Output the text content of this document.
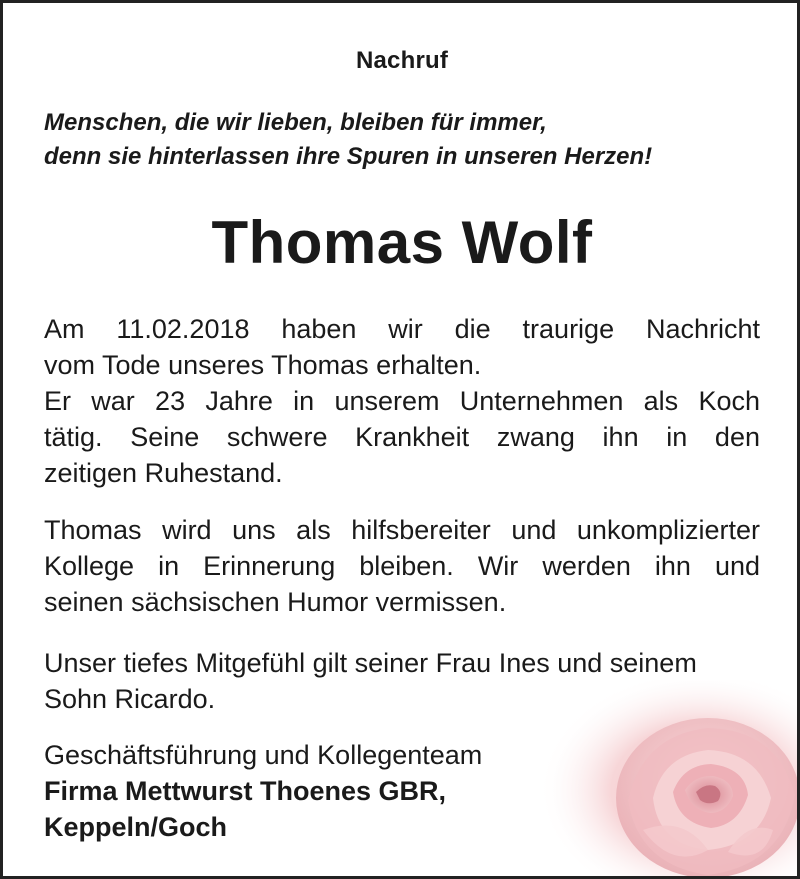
Nachruf
Menschen, die wir lieben, bleiben für immer,
denn sie hinterlassen ihre Spuren in unseren Herzen!
Thomas Wolf
Am 11.02.2018 haben wir die traurige Nachricht
vom Tode unseres Thomas erhalten.
Er war 23 Jahre in unserem Unternehmen als Koch
tätig. Seine schwere Krankheit zwang ihn in den
zeitigen Ruhestand.
Thomas wird uns als hilfsbereiter und unkomplizierter
Kollege in Erinnerung bleiben. Wir werden ihn und
seinen sächsischen Humor vermissen.
Unser tiefes Mitgefühl gilt seiner Frau Ines und seinem
Sohn Ricardo.
Geschäftsführung und Kollegenteam
Firma Mettwurst Thoenes GBR,
Keppeln/Goch
